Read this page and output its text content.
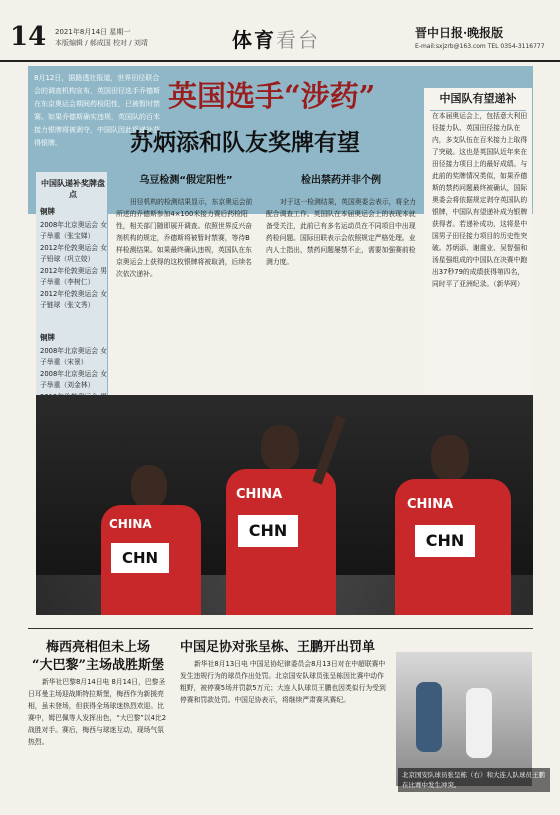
14 2021年8月14日 星期一
本版编辑 / 郝成国 校对 / 刘靖	体育看台	晋中日报·晚报版
E-mail:sxjzrb@163.com TEL 0354-3116777
8月12日，据路透社报道，世界田径联合会的调查机构宣布，英国田径选手乔德斯在东京奥运会期间药检阳性，已被暂时禁赛。如果乔德斯确实违规，英国队的百米接力银牌将被剥夺，中国队因此将递补获得银牌。
英国选手“涉药”
苏炳添和队友奖牌有望
中国队递补奖牌盘点
铜牌
2008年北京奥运会 女子举重（张宝娣）
2012年伦敦奥运会 女子铅球（巩立姣）
2012年伦敦奥运会 男子举重（李树仁）
2012年伦敦奥运会 女子链球（张文秀）
铜牌
2008年北京奥运会 女子举重（宋景）
2008年北京奥运会 女子举重（刘金林）
乌豆检测“假定阳性”
田径机构的检测结果显示，东京奥运会前所述的乔德斯参加4×100米接力赛后药检阳性，相关部门随即展开调查。依照世界反兴奋剂机构的规定，乔德斯将被暂时禁赛，等待B样检测结果。如果最终确认违规，英国队在东京奥运会上获得的这枚银牌将被取消，后续名次依次递补。
检出禁药并非个例
对于这一检测结果，英国奥委会表示，将全力配合调查工作。英国队在本届奥运会上的表现本就备受关注，此前已有多名运动员在不同项目中出现药检问题。国际田联表示会依照规定严格处理。业内人士指出，禁药问题屡禁不止，需要加强赛前检测力度。
中国队有望递补
在本届奥运会上，包括意大利田径接力队、英国田径接力队在内，多支队伍在百米接力上取得了突破。这也是英国队近年来在田径接力项目上的最好成绩。与此前的奖牌情况类似，如果乔德斯的禁药问题最终被确认，国际奥委会将依据规定剥夺英国队的银牌，中国队有望递补成为银牌获得者。若递补成功，这将是中国男子田径接力项目的历史性突破。苏炳添、谢震业、吴智强和汤星强组成的中国队在决赛中跑出37秒79的成绩获得第四名，同时平了亚洲纪录。（新华网）
CHINA
CHN
CHINA
CHN
CHINA
CHN
梅西亮相但未上场
“大巴黎”主场战胜斯堡
新华社巴黎8月14日电 8月14日，巴黎圣日耳曼主场迎战斯特拉斯堡，梅西作为新援亮相，虽未登场，但获得全场球迷热烈欢迎。比赛中，姆巴佩等人发挥出色，“大巴黎”以4比2战胜对手。赛后，梅西与球迷互动，现场气氛热烈。
中国足协对张呈栋、王鹏开出罚单
新华社8月13日电 中国足协纪律委员会8月13日对在中超联赛中发生违规行为的球员作出处罚。北京国安队球员张呈栋因比赛中动作粗野，被停赛5场并罚款5万元；大连人队球员王鹏也因类似行为受到停赛和罚款处罚。中国足协表示，将继续严肃赛风赛纪。
北京国安队球员张呈栋（右）和大连人队球员王鹏在比赛中发生冲突。
